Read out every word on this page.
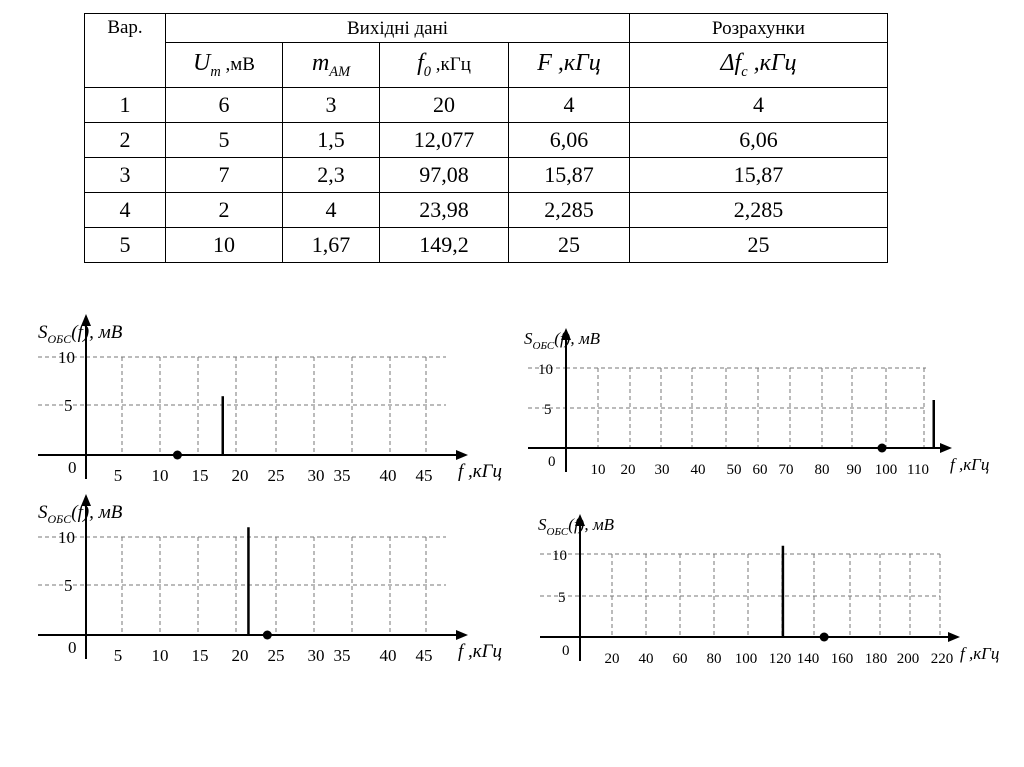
Вар.	Вихідні дані				Розрахунки
	$U_m$ ,мВ	$m_{AM}$	$f_0$ ,кГц	F ,кГц	$\Delta f_c$ ,кГц
1	6	3	20	4	4
2	5	1,5	12,077	6,06	6,06
3	7	2,3	97,08	15,87	15,87
4	2	4	23,98	2,285	2,285
5	10	1,67	149,2	25	25
0
5
10
5 10 15 20 25 30 35 40 45
$S_{ОБС}(f)$, мВ
f ,кГц	0
5
10
10 20 30 40 50 60 70 80 90 100 110
$S_{ОБС}(f)$, мВ
f ,кГц
0
5
10
5 10 15 20 25 30 35 40 45
$S_{ОБС}(f)$, мВ
f ,кГц	0
5
10
20 40 60 80 100 120 140 160 180 200 220
$S_{ОБС}(f)$, мВ
f ,кГц
